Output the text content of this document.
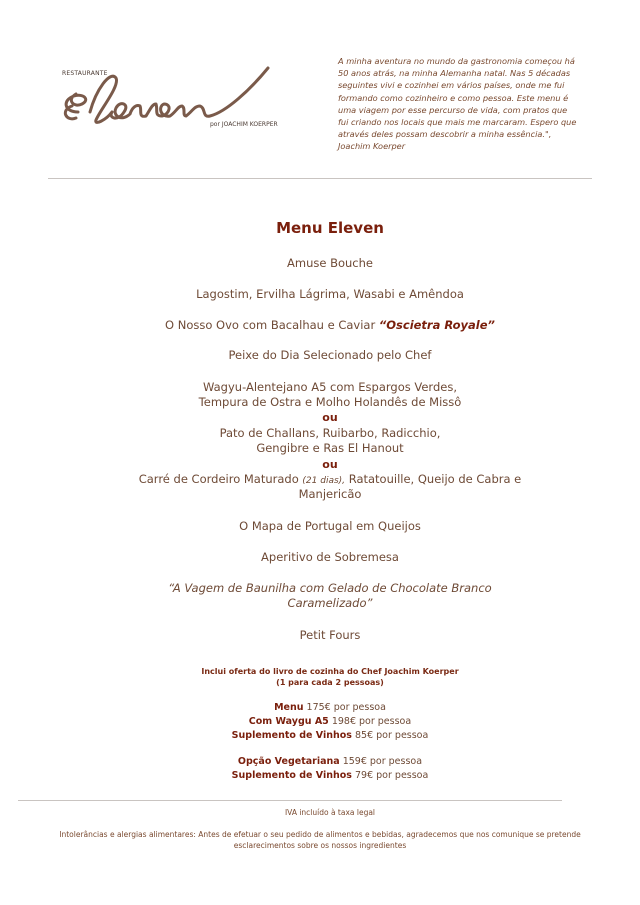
RESTAURANTE
por JOACHIM KOERPER
A minha aventura no mundo da gastronomia começou há 50 anos atrás, na minha Alemanha natal. Nas 5 décadas seguintes vivi e cozinhei em vários países, onde me fui formando como cozinheiro e como pessoa. Este menu é uma viagem por esse percurso de vida, com pratos que fui criando nos locais que mais me marcaram. Espero que através deles possam descobrir a minha essência.", Joachim Koerper
Menu Eleven
Amuse Bouche
Lagostim, Ervilha Lágrima, Wasabi e Amêndoa
O Nosso Ovo com Bacalhau e Caviar “Oscietra Royale”
Peixe do Dia Selecionado pelo Chef
Wagyu-Alentejano A5 com Espargos Verdes,
Tempura de Ostra e Molho Holandês de Missô
ou
Pato de Challans, Ruibarbo, Radicchio,
Gengibre e Ras El Hanout
ou
Carré de Cordeiro Maturado (21 dias), Ratatouille, Queijo de Cabra e
Manjericão
O Mapa de Portugal em Queijos
Aperitivo de Sobremesa
“A Vagem de Baunilha com Gelado de Chocolate Branco
Caramelizado”
Petit Fours
Inclui oferta do livro de cozinha do Chef Joachim Koerper
(1 para cada 2 pessoas)
Menu 175€ por pessoa
Com Waygu A5 198€ por pessoa
Suplemento de Vinhos 85€ por pessoa
Opção Vegetariana 159€ por pessoa
Suplemento de Vinhos 79€ por pessoa
IVA incluído à taxa legal
Intolerâncias e alergias alimentares: Antes de efetuar o seu pedido de alimentos e bebidas, agradecemos que nos comunique se pretende
esclarecimentos sobre os nossos ingredientes
